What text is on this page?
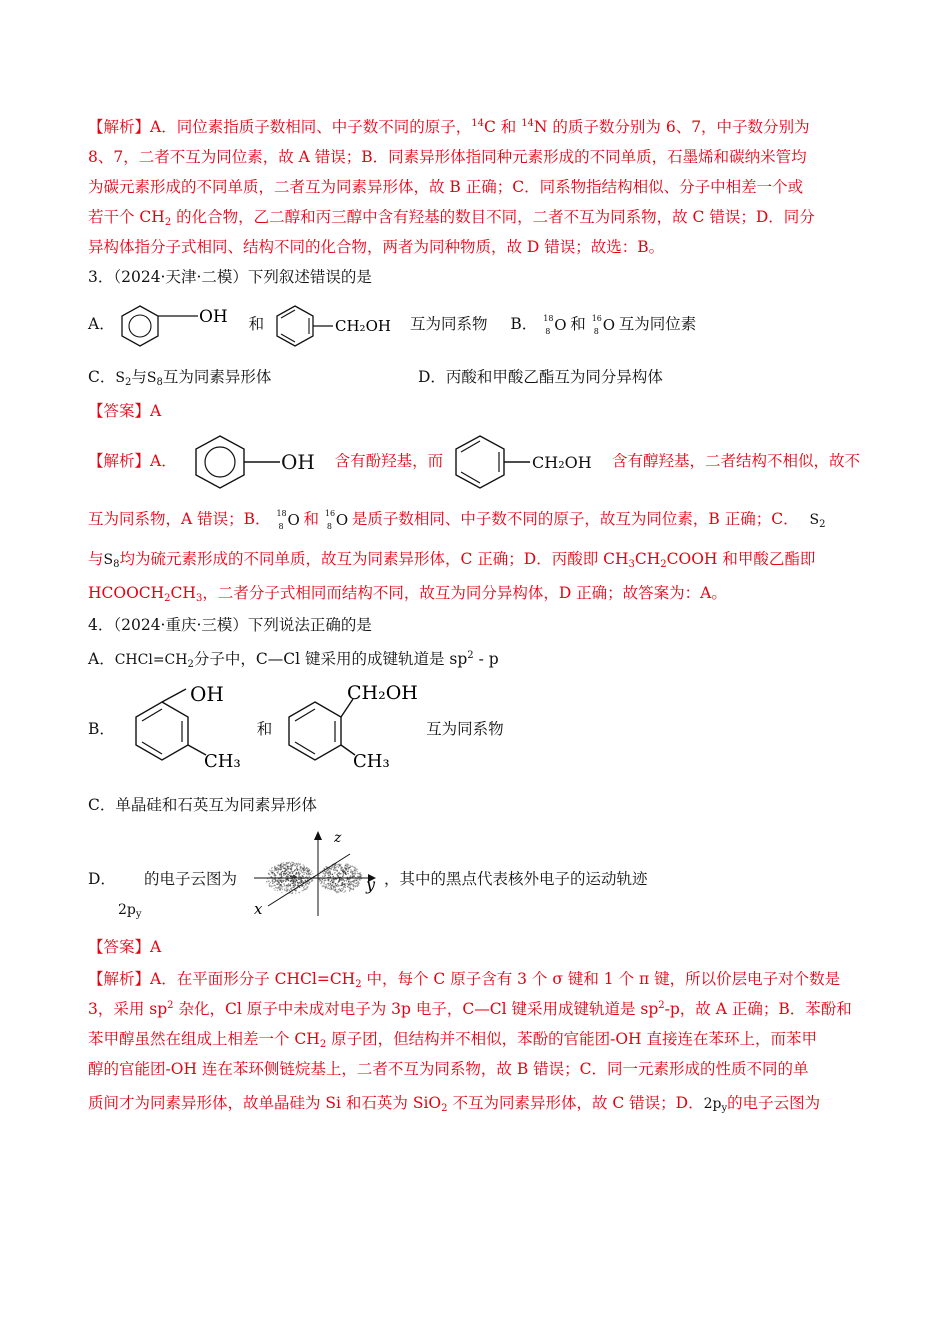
【解析】A．同位素指质子数相同、中子数不同的原子，$^{14}$C 和 $^{14}$N 的质子数分别为 6、7，中子数分别为
8、7，二者不互为同位素，故 A 错误；B．同素异形体指同种元素形成的不同单质，石墨烯和碳纳米管均
为碳元素形成的不同单质，二者互为同素异形体，故 B 正确；C．同系物指结构相似、分子中相差一个或
若干个 $CH_2$ 的化合物，乙二醇和丙三醇中含有羟基的数目不同，二者不互为同系物，故 C 错误；D．同分
异构体指分子式相同、结构不同的化合物，两者为同种物质，故 D 错误；故选：B。
3．（2024·天津·二模）下列叙述错误的是
A．	OH 和	CH₂OH 互为同系物 B． 18
8 O 和 16
8 O 互为同位素
C．$S_2$与$S_8$互为同素异形体	D．丙酸和甲酸乙酯互为同分异构体
【答案】A
【解析】A．	OH 含有酚羟基，而	CH₂OH 含有醇羟基，二者结构不相似，故不
互为同系物，A 错误；B． 18
8 O 和 16
8 O 是质子数相同、中子数不同的原子，故互为同位素，B 正确；C． $S_2$
与$S_8$均为硫元素形成的不同单质，故互为同素异形体，C 正确；D．丙酸即 $CH_3CH_2COOH$ 和甲酸乙酯即
$HCOOCH_2CH_3$，二者分子式相同而结构不同，故互为同分异构体，D 正确；故答案为：A。
4．（2024·重庆·三模）下列说法正确的是
A．$CHCl=CH_2$分子中，C—Cl 键采用的成键轨道是 $sp^2$ - p
B．
OH
CH₃
和
CH₂OH
CH₃
互为同系物
C．单晶硅和石英互为同素异形体
D．
$2p_y$
的电子云图为
z
y
x
，其中的黑点代表核外电子的运动轨迹
【答案】A
【解析】A．在平面形分子 $CHCl=CH_2$ 中，每个 C 原子含有 3 个 σ 键和 1 个 π 键，所以价层电子对个数是
3，采用 $sp^2$ 杂化，Cl 原子中未成对电子为 3p 电子，C—Cl 键采用成键轨道是 $sp^2-p$，故 A 正确；B．苯酚和
苯甲醇虽然在组成上相差一个 $CH_2$ 原子团，但结构并不相似，苯酚的官能团-OH 直接连在苯环上，而苯甲
醇的官能团-OH 连在苯环侧链烷基上，二者不互为同系物，故 B 错误；C．同一元素形成的性质不同的单
质间才为同素异形体，故单晶硅为 Si 和石英为 SiO$_2$ 不互为同素异形体，故 C 错误；D．$2p_y$的电子云图为
